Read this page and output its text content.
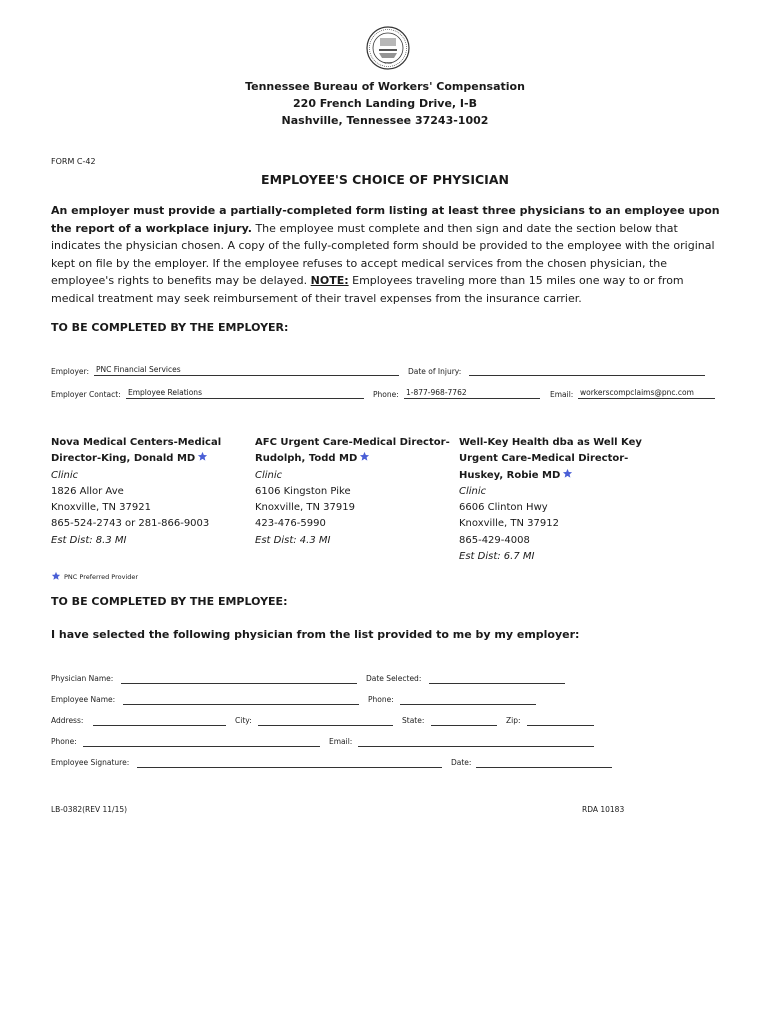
1796
Tennessee Bureau of Workers' Compensation
220 French Landing Drive, I-B
Nashville, Tennessee 37243-1002
FORM C-42
EMPLOYEE'S CHOICE OF PHYSICIAN
An employer must provide a partially-completed form listing at least three physicians to an employee upon the report of a workplace injury. The employee must complete and then sign and date the section below that indicates the physician chosen. A copy of the fully-completed form should be provided to the employee with the original kept on file by the employer. If the employee refuses to accept medical services from the chosen physician, the employee's rights to benefits may be delayed. NOTE: Employees traveling more than 15 miles one way to or from medical treatment may seek reimbursement of their travel expenses from the insurance carrier.
TO BE COMPLETED BY THE EMPLOYER:
Employer: PNC Financial Services	Date of Injury:
Employer Contact: Employee Relations	Phone: 1-877-968-7762	Email: workerscompclaims@pnc.com
Nova Medical Centers-Medical
Director-King, Donald MD
Clinic
1826 Allor Ave
Knoxville, TN 37921
865-524-2743 or 281-866-9003
Est Dist: 8.3 MI
AFC Urgent Care-Medical Director-
Rudolph, Todd MD
Clinic
6106 Kingston Pike
Knoxville, TN 37919
423-476-5990
Est Dist: 4.3 MI
Well-Key Health dba as Well Key
Urgent Care-Medical Director-
Huskey, Robie MD
Clinic
6606 Clinton Hwy
Knoxville, TN 37912
865-429-4008
Est Dist: 6.7 MI
PNC Preferred Provider
TO BE COMPLETED BY THE EMPLOYEE:
I have selected the following physician from the list provided to me by my employer:
Physician Name:	Date Selected:
Employee Name:	Phone:
Address:	City:	State:	Zip:
Phone:	Email:
Employee Signature:	Date:
LB-0382(REV 11/15)	RDA 10183
